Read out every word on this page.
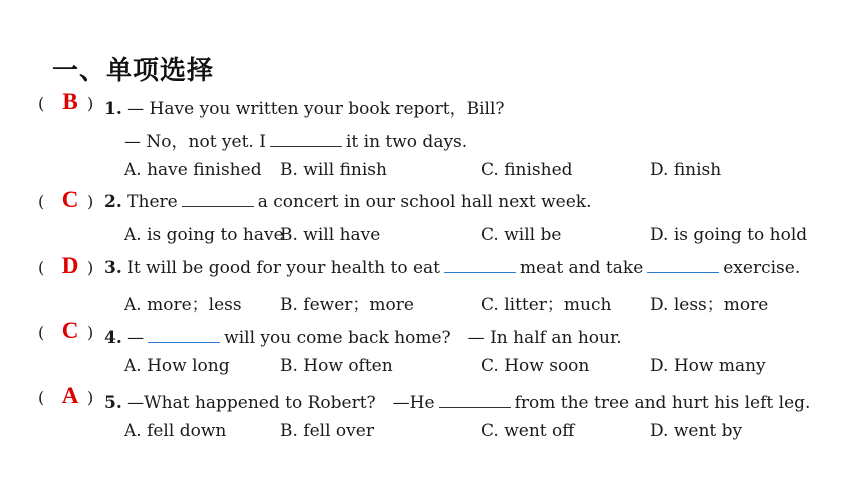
一、单项选择
( B ) 1. — Have you written your book report，Bill?
— No，not yet. I	it in two days.
A. have finished B. will finish	C. finished	D. finish
( C ) 2. There	a concert in our school hall next week.
A. is going to have
B. will have	C. will be	D. is going to hold
( D ) 3. It will be good for your health to eat	meat and take	exercise.
A. more；less B. fewer；more	C. litter；much D. less；more
( C ) 4. —	will you come back home?　— In half an hour.
A. How long	B. How often	C. How soon	D. How many
( A ) 5. —What happened to Robert?　—He	from the tree and hurt his left leg.
A. fell down	B. fell over	C. went off	D. went by
